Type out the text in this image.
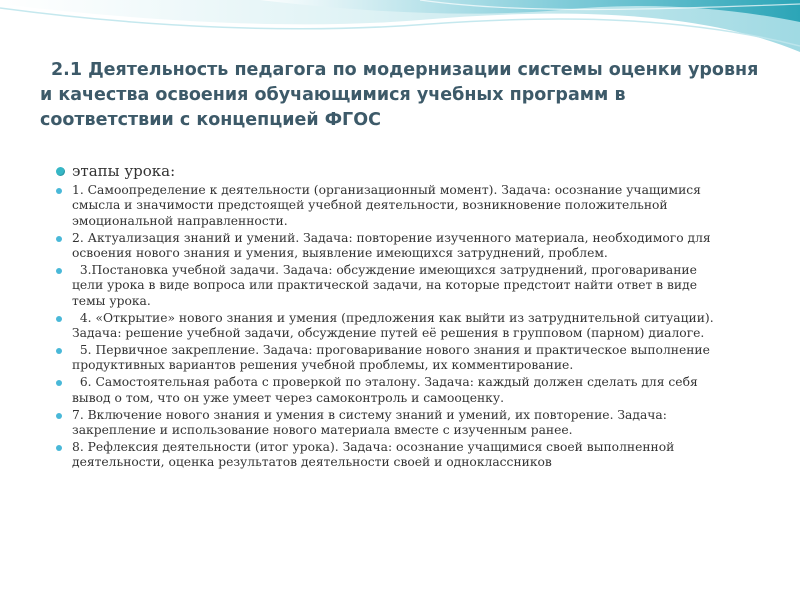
2.1 Деятельность педагога по модернизации системы оценки уровня и качества освоения обучающимися учебных программ в соответствии с концепцией ФГОС
этапы урока:
1. Самоопределение к деятельности (организационный момент). Задача: осознание учащимися смысла и значимости предстоящей учебной деятельности, возникновение положительной эмоциональной направленности.
2. Актуализация знаний и умений. Задача: повторение изученного материала, необходимого для освоения нового знания и умения, выявление имеющихся затруднений, проблем.
3.Постановка учебной задачи. Задача: обсуждение имеющихся затруднений, проговаривание цели урока в виде вопроса или практической задачи, на которые предстоит найти ответ в виде темы урока.
4. «Открытие» нового знания и умения (предложения как выйти из затруднительной ситуации). Задача: решение учебной задачи, обсуждение путей её решения в групповом (парном) диалоге.
5. Первичное закрепление. Задача: проговаривание нового знания и практическое выполнение продуктивных вариантов решения учебной проблемы, их комментирование.
6. Самостоятельная работа с проверкой по эталону. Задача: каждый должен сделать для себя вывод о том, что он уже умеет через самоконтроль и самооценку.
7. Включение нового знания и умения в систему знаний и умений, их повторение. Задача: закрепление и использование нового материала вместе с изученным ранее.
8. Рефлексия деятельности (итог урока). Задача: осознание учащимися своей выполненной деятельности, оценка результатов деятельности своей и одноклассников
